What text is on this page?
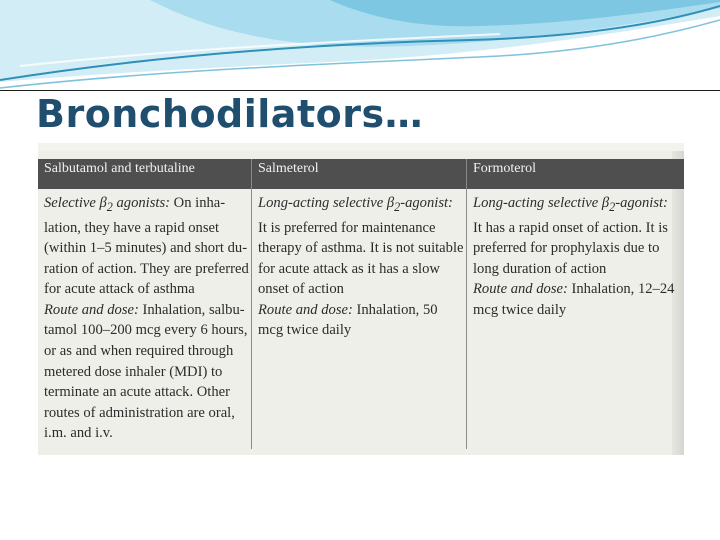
Bronchodilators…
Salbutamol and terbutaline	Salmeterol	Formoterol
Selective $\beta_2$ agonists: On inha-
lation, they have a rapid onset
(within 1–5 minutes) and short du-
ration of action. They are preferred
for acute attack of asthma
Route and dose: Inhalation, salbu-
tamol 100–200 mcg every 6 hours,
or as and when required through
metered dose inhaler (MDI) to
terminate an acute attack. Other
routes of administration are oral,
i.m. and i.v.
Long-acting selective $\beta_2$-agonist:
It is preferred for maintenance
therapy of asthma. It is not suitable
for acute attack as it has a slow
onset of action
Route and dose: Inhalation, 50
mcg twice daily
Long-acting selective $\beta_2$-agonist:
It has a rapid onset of action. It is
preferred for prophylaxis due to
long duration of action
Route and dose: Inhalation, 12–24
mcg twice daily
